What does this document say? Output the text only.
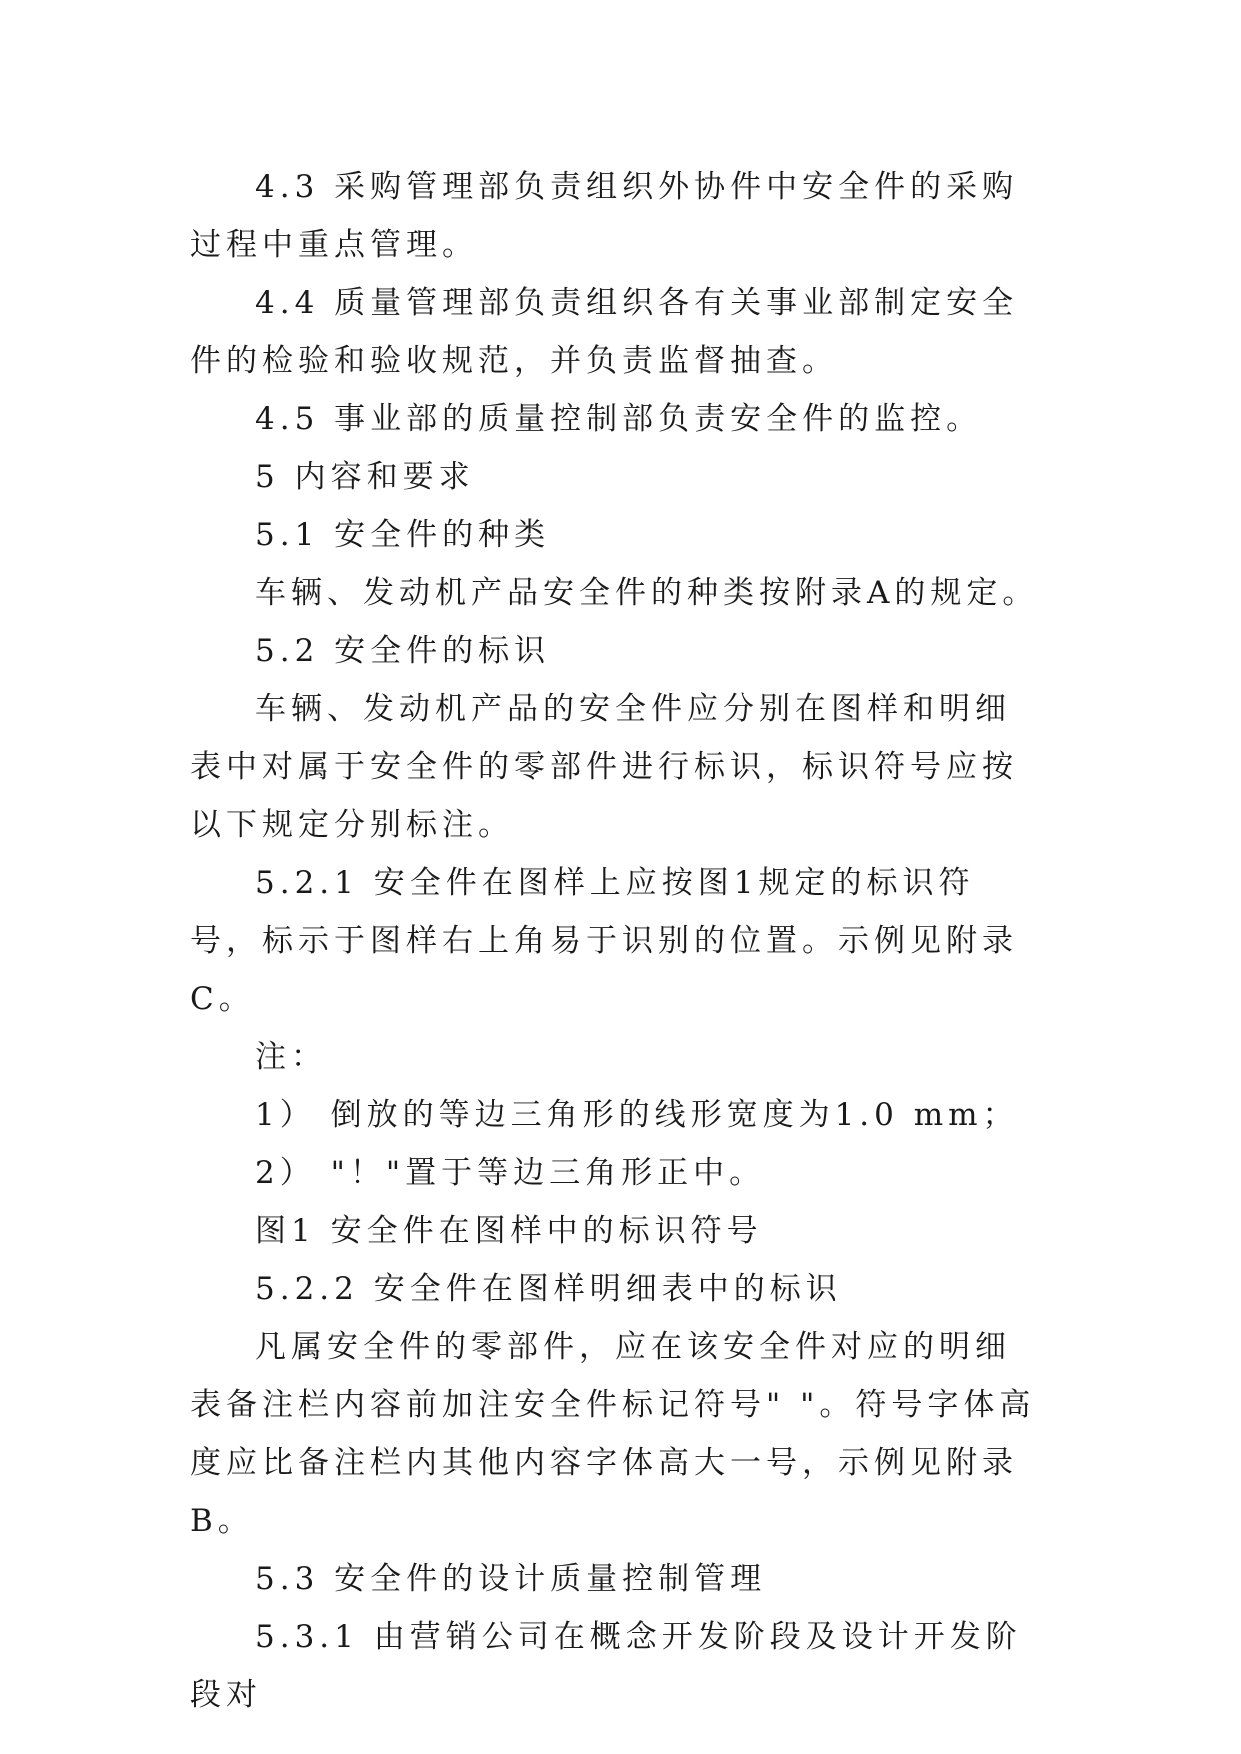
4.3 采购管理部负责组织外协件中安全件的采购过程中重点管理。

4.4 质量管理部负责组织各有关事业部制定安全件的检验和验收规范，并负责监督抽查。

4.5 事业部的质量控制部负责安全件的监控。

5 内容和要求

5.1 安全件的种类

车辆、发动机产品安全件的种类按附录A的规定。

5.2 安全件的标识

车辆、发动机产品的安全件应分别在图样和明细表中对属于安全件的零部件进行标识，标识符号应按以下规定分别标注。

5.2.1 安全件在图样上应按图1规定的标识符号，标示于图样右上角易于识别的位置。示例见附录C。

注：

1） 倒放的等边三角形的线形宽度为1.0 mm；

2） "！"置于等边三角形正中。

图1 安全件在图样中的标识符号

5.2.2 安全件在图样明细表中的标识

凡属安全件的零部件，应在该安全件对应的明细表备注栏内容前加注安全件标记符号" "。符号字体高度应比备注栏内其他内容字体高大一号，示例见附录B。

5.3 安全件的设计质量控制管理

5.3.1 由营销公司在概念开发阶段及设计开发阶段对
